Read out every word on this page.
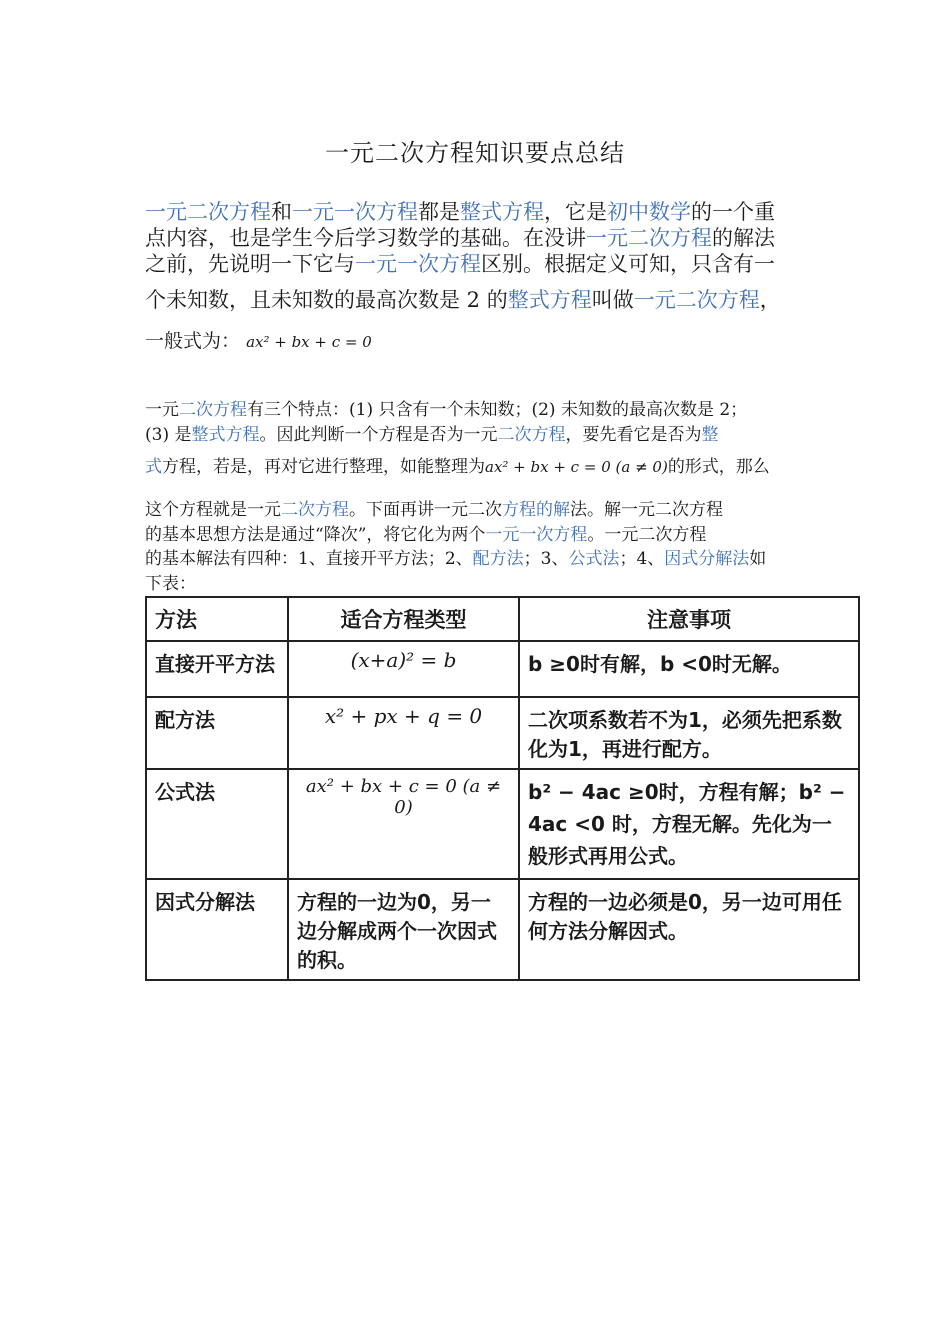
一元二次方程知识要点总结
一元二次方程和一元一次方程都是整式方程，它是初中数学的一个重
点内容，也是学生今后学习数学的基础。在没讲一元二次方程的解法
之前，先说明一下它与一元一次方程区别。根据定义可知，只含有一
个未知数，且未知数的最高次数是 2 的整式方程叫做一元二次方程，
一般式为： ax² + bx + c = 0
一元二次方程有三个特点：(1) 只含有一个未知数；(2) 未知数的最高次数是 2；
(3) 是整式方程。因此判断一个方程是否为一元二次方程，要先看它是否为整
式方程，若是，再对它进行整理，如能整理为ax² + bx + c = 0 (a ≠ 0)的形式，那么
这个方程就是一元二次方程。下面再讲一元二次方程的解法。解一元二次方程
的基本思想方法是通过“降次”，将它化为两个一元一次方程。一元二次方程
的基本解法有四种：1、直接开平方法；2、配方法；3、公式法；4、因式分解法如
下表：
方法	适合方程类型	注意事项
直接开平方法	(x+a)² = b	b ≥0时有解，b <0时无解。
配方法	x² + px + q = 0	二次项系数若不为1，必须先把系数化为1，再进行配方。
公式法	ax² + bx + c = 0 (a ≠ 0)	b² − 4ac ≥0时，方程有解；b² − 4ac <0 时，方程无解。先化为一般形式再用公式。
因式分解法	方程的一边为0，另一边分解成两个一次因式的积。	方程的一边必须是0，另一边可用任何方法分解因式。
